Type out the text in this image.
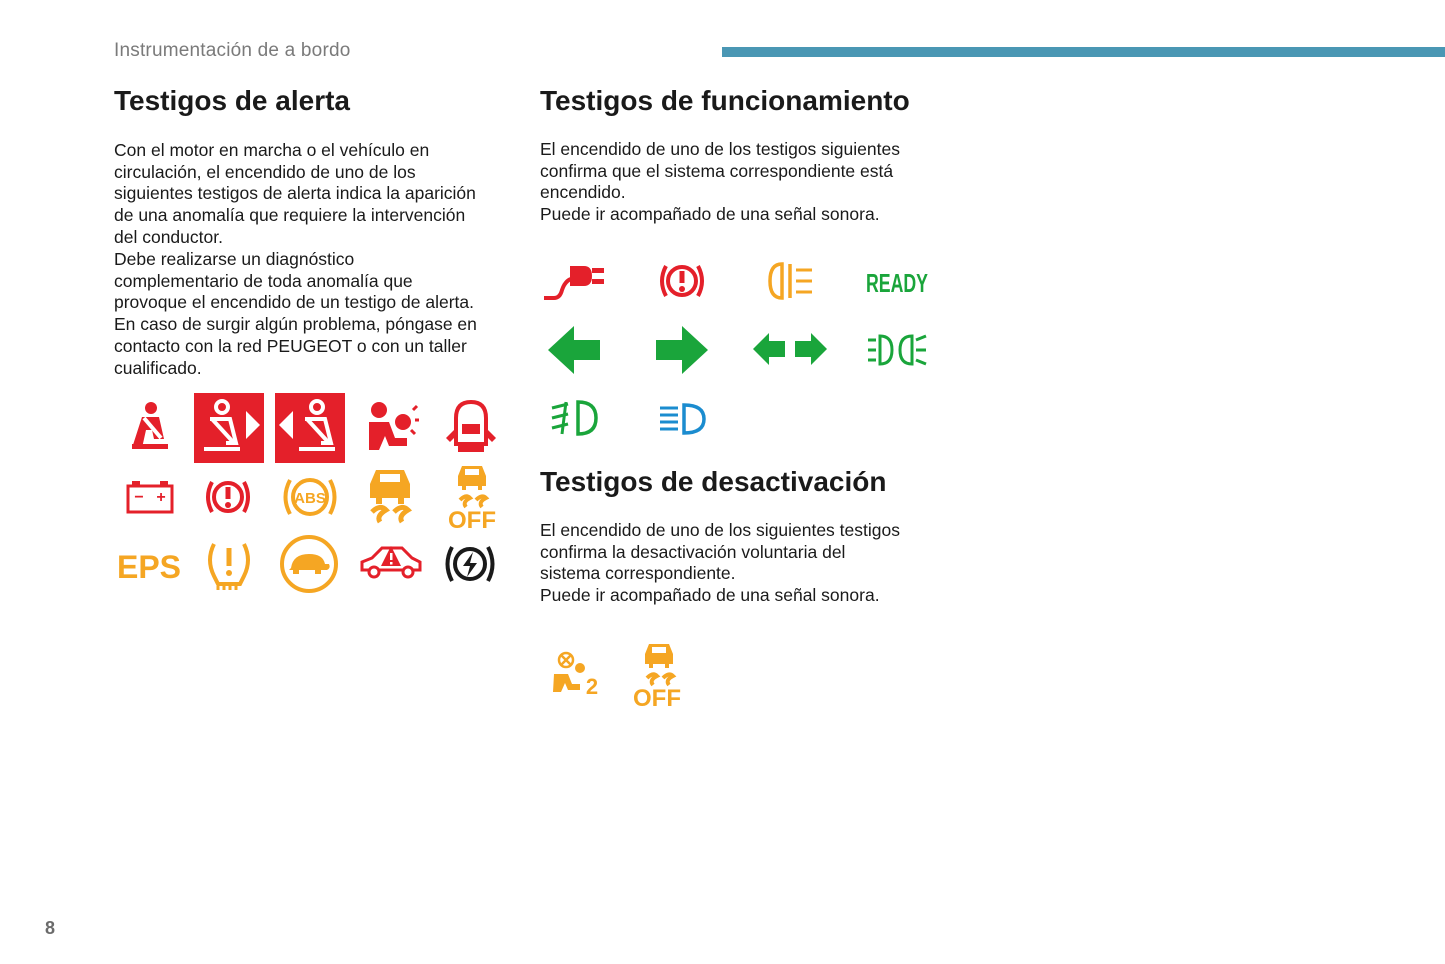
Instrumentación de a bordo
Testigos de alerta

Con el motor en marcha o el vehículo en
circulación, el encendido de uno de los
siguientes testigos de alerta indica la aparición
de una anomalía que requiere la intervención
del conductor.
Debe realizarse un diagnóstico
complementario de toda anomalía que
provoque el encendido de un testigo de alerta.
En caso de surgir algún problema, póngase en
contacto con la red PEUGEOT o con un taller
cualificado.

Testigos de funcionamiento

El encendido de uno de los testigos siguientes
confirma que el sistema correspondiente está
encendido.
Puede ir acompañado de una señal sonora.

Testigos de desactivación

El encendido de uno de los siguientes testigos
confirma la desactivación voluntaria del
sistema correspondiente.
Puede ir acompañado de una señal sonora.

− +	ABS
OFF
EPS
READY
2 OFF
8
